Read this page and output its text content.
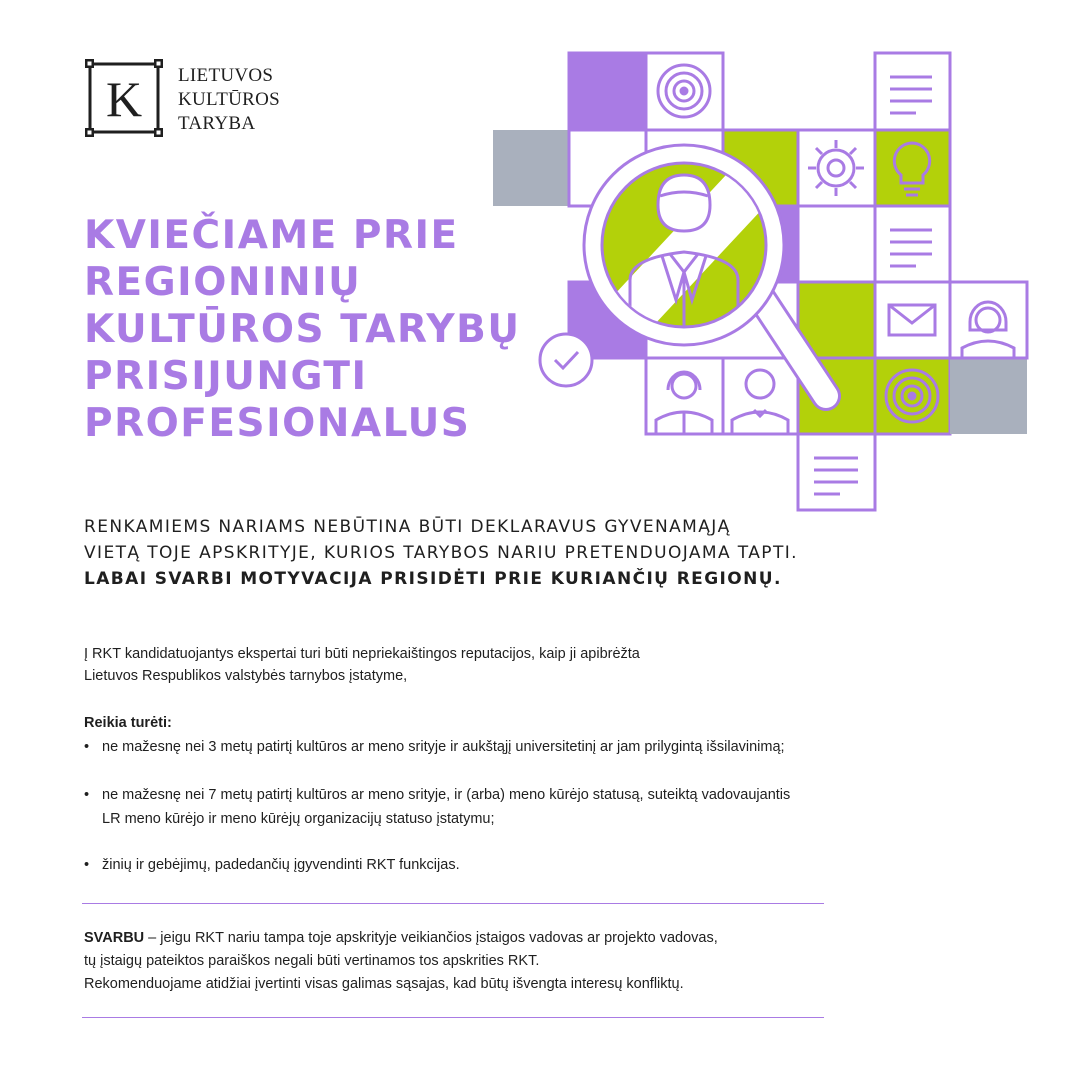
K LIETUVOS
KULTŪROS
TARYBA
KVIEČIAME PRIE
REGIONINIŲ
KULTŪROS TARYBŲ
PRISIJUNGTI
PROFESIONALUS
RENKAMIEMS NARIAMS NEBŪTINA BŪTI DEKLARAVUS GYVENAMĄJĄ
VIETĄ TOJE APSKRITYJE, KURIOS TARYBOS NARIU PRETENDUOJAMA TAPTI.
LABAI SVARBI MOTYVACIJA PRISIDĖTI PRIE KURIANČIŲ REGIONŲ.
Į RKT kandidatuojantys ekspertai turi būti nepriekaištingos reputacijos, kaip ji apibrėžta
Lietuvos Respublikos valstybės tarnybos įstatyme,
Reikia turėti:
• ne mažesnę nei 3 metų patirtį kultūros ar meno srityje ir aukštąjį universitetinį ar jam prilygintą išsilavinimą;
• ne mažesnę nei 7 metų patirtį kultūros ar meno srityje, ir (arba) meno kūrėjo statusą, suteiktą vadovaujantis
LR meno kūrėjo ir meno kūrėjų organizacijų statuso įstatymu;
• žinių ir gebėjimų, padedančių įgyvendinti RKT funkcijas.
SVARBU – jeigu RKT nariu tampa toje apskrityje veikiančios įstaigos vadovas ar projekto vadovas,
tų įstaigų pateiktos paraiškos negali būti vertinamos tos apskrities RKT.
Rekomenduojame atidžiai įvertinti visas galimas sąsajas, kad būtų išvengta interesų konfliktų.
